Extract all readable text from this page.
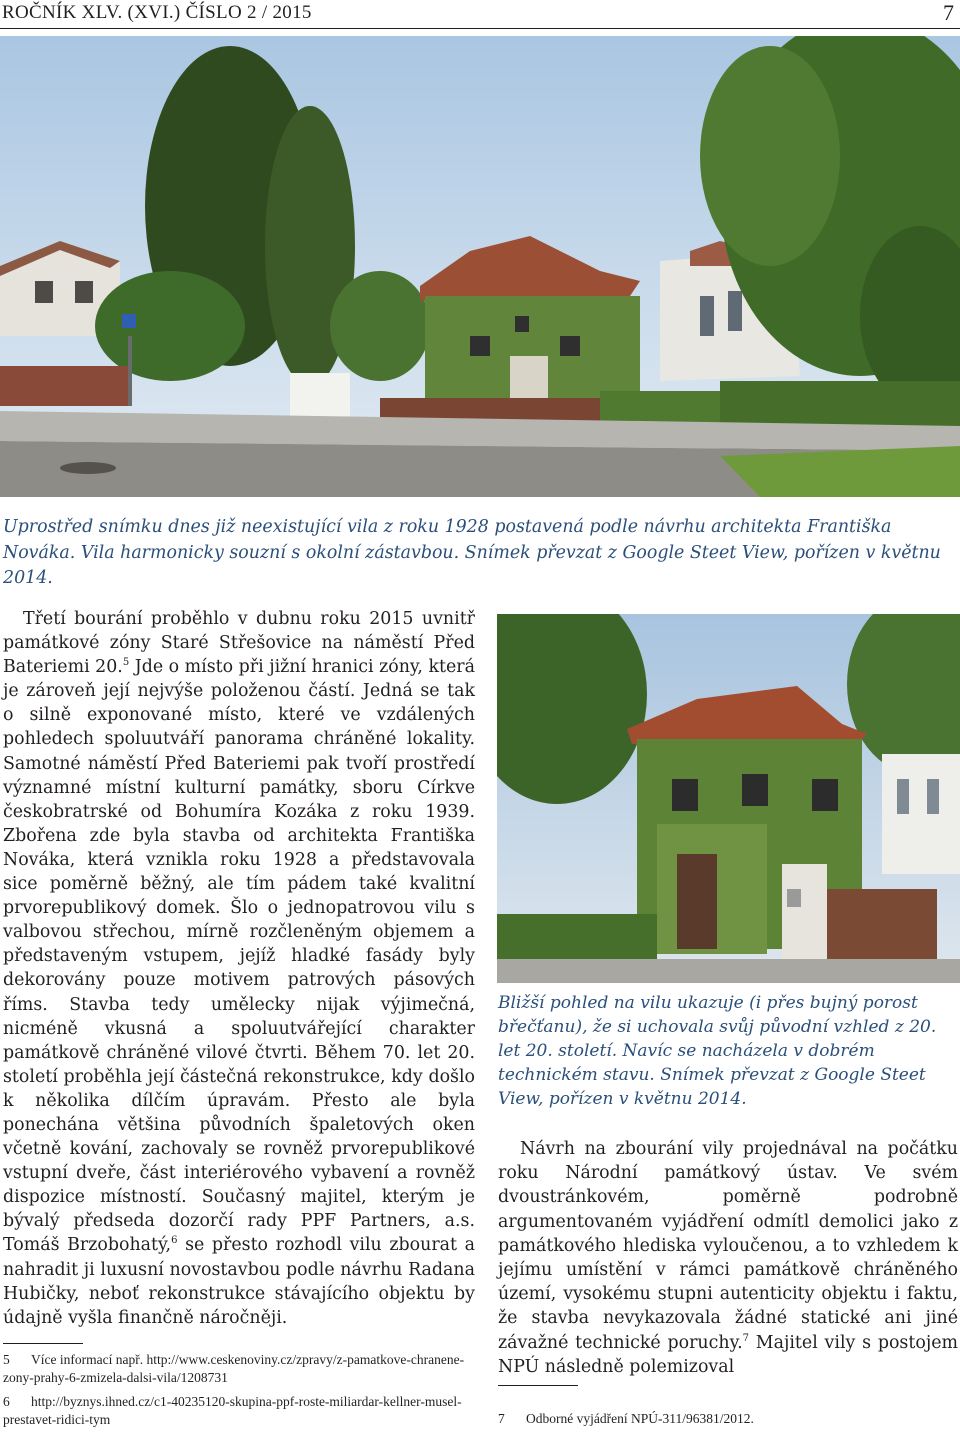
ROČNÍK XLV. (XVI.) ČÍSLO 2 / 2015	7
Uprostřed snímku dnes již neexistující vila z roku 1928 postavená podle návrhu architekta Františka Nováka. Vila harmonicky souzní s okolní zástavbou. Snímek převzat z Google Steet View, pořízen v květnu 2014.

Třetí bourání proběhlo v dubnu roku 2015 uvnitř památkové zóny Staré Střešovice na náměstí Před Bateriemi 20.$^5$ Jde o místo při jižní hranici zóny, která je zároveň její nejvýše položenou částí. Jedná se tak o silně exponované místo, které ve vzdálených pohledech spoluutváří panorama chráněné lokality. Samotné náměstí Před Bateriemi pak tvoří prostředí významné místní kulturní památky, sboru Církve českobratrské od Bohumíra Kozáka z roku 1939. Zbořena zde byla stavba od architekta Františka Nováka, která vznikla roku 1928 a představovala sice poměrně běžný, ale tím pádem také kvalitní prvorepublikový domek. Šlo o jednopatrovou vilu s valbovou střechou, mírně rozčleněným objemem a představeným vstupem, jejíž hladké fasády byly dekorovány pouze motivem patrových pásových říms. Stavba tedy umělecky nijak výjimečná, nicméně vkusná a spoluutvářející charakter památkově chráněné vilové čtvrti. Během 70. let 20. století proběhla její částečná rekonstrukce, kdy došlo k několika dílčím úpravám. Přesto ale byla ponechána většina původních špaletových oken včetně kování, zachovaly se rovněž prvorepublikové vstupní dveře, část interiérového vybavení a rovněž dispozice místností. Současný majitel, kterým je bývalý předseda dozorčí rady PPF Partners, a.s. Tomáš Brzobohatý,$^6$ se přesto rozhodl vilu zbourat a nahradit ji luxusní novostavbou podle návrhu Radana Hubičky, neboť rekonstrukce stávajícího objektu by údajně vyšla finančně náročněji.

Bližší pohled na vilu ukazuje (i přes bujný porost břečťanu), že si uchovala svůj původní vzhled z 20. let 20. století. Navíc se nacházela v dobrém technickém stavu. Snímek převzat z Google Steet View, pořízen v květnu 2014.

Návrh na zbourání vily projednával na počátku roku Národní památkový ústav. Ve svém dvoustránkovém, poměrně podrobně argumentovaném vyjádření odmítl demolici jako z památkového hlediska vyloučenou, a to vzhledem k jejímu umístění v rámci památkově chráněného území, vysokému stupni autenticity objektu i faktu, že stavba nevykazovala žádné statické ani jiné závažné technické poruchy.$^7$ Majitel vily s postojem NPÚ následně polemizoval

5 Více informací např. http://www.ceskenoviny.cz/zpravy/z-pamatkove-chranene-zony-prahy-6-zmizela-dalsi-vila/1208731
6 http://byznys.ihned.cz/c1-40235120-skupina-ppf-roste-miliardar-kellner-musel-prestavet-ridici-tym	7 Odborné vyjádření NPÚ-311/96381/2012.
